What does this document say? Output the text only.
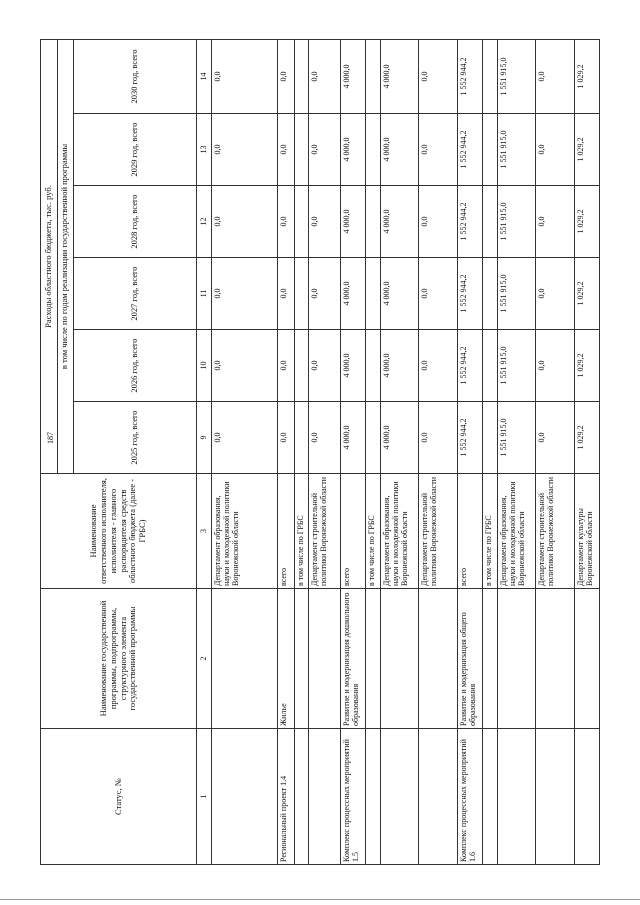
187
Статус, №	Наименование государственной программы, подпрограммы, структурного элемента государственной программы	Наименование ответственного исполнителя, исполнителя - главного распорядителя средств областного бюджета (далее - ГРБС)	Расходы областного бюджета, тыс. руб.					
			в том числе по годам реализации государственной программы					
			2025 год, всего	2026 год, всего	2027 год, всего	2028 год, всего	2029 год, всего	2030 год, всего
1	2	3	9	10	11	12	13	14
		Департамент образования, науки и молодежной политики Воронежской области	0,0	0,0	0,0	0,0	0,0	0,0
Региональный проект 1.4	Жилье	всего	0,0	0,0	0,0	0,0	0,0	0,0
		в том числе по ГРБС						
		Департамент строительной политики Воронежской области	0,0	0,0	0,0	0,0	0,0	0,0
Комплекс процессных мероприятий 1.5	Развитие и модернизация дошкольного образования	всего	4 000,0	4 000,0	4 000,0	4 000,0	4 000,0	4 000,0
		в том числе по ГРБС						
		Департамент образования, науки и молодежной политики Воронежской области	4 000,0	4 000,0	4 000,0	4 000,0	4 000,0	4 000,0
		Департамент строительной политики Воронежской области	0,0	0,0	0,0	0,0	0,0	0,0
Комплекс процессных мероприятий 1.6	Развитие и модернизация общего образования	всего	1 552 944,2	1 552 944,2	1 552 944,2	1 552 944,2	1 552 944,2	1 552 944,2
		в том числе по ГРБС						
		Департамент образования, науки и молодежной политики Воронежской области	1 551 915,0	1 551 915,0	1 551 915,0	1 551 915,0	1 551 915,0	1 551 915,0
		Департамент строительной политики Воронежской области	0,0	0,0	0,0	0,0	0,0	0,0
		Департамент культуры Воронежской области	1 029,2	1 029,2	1 029,2	1 029,2	1 029,2	1 029,2
